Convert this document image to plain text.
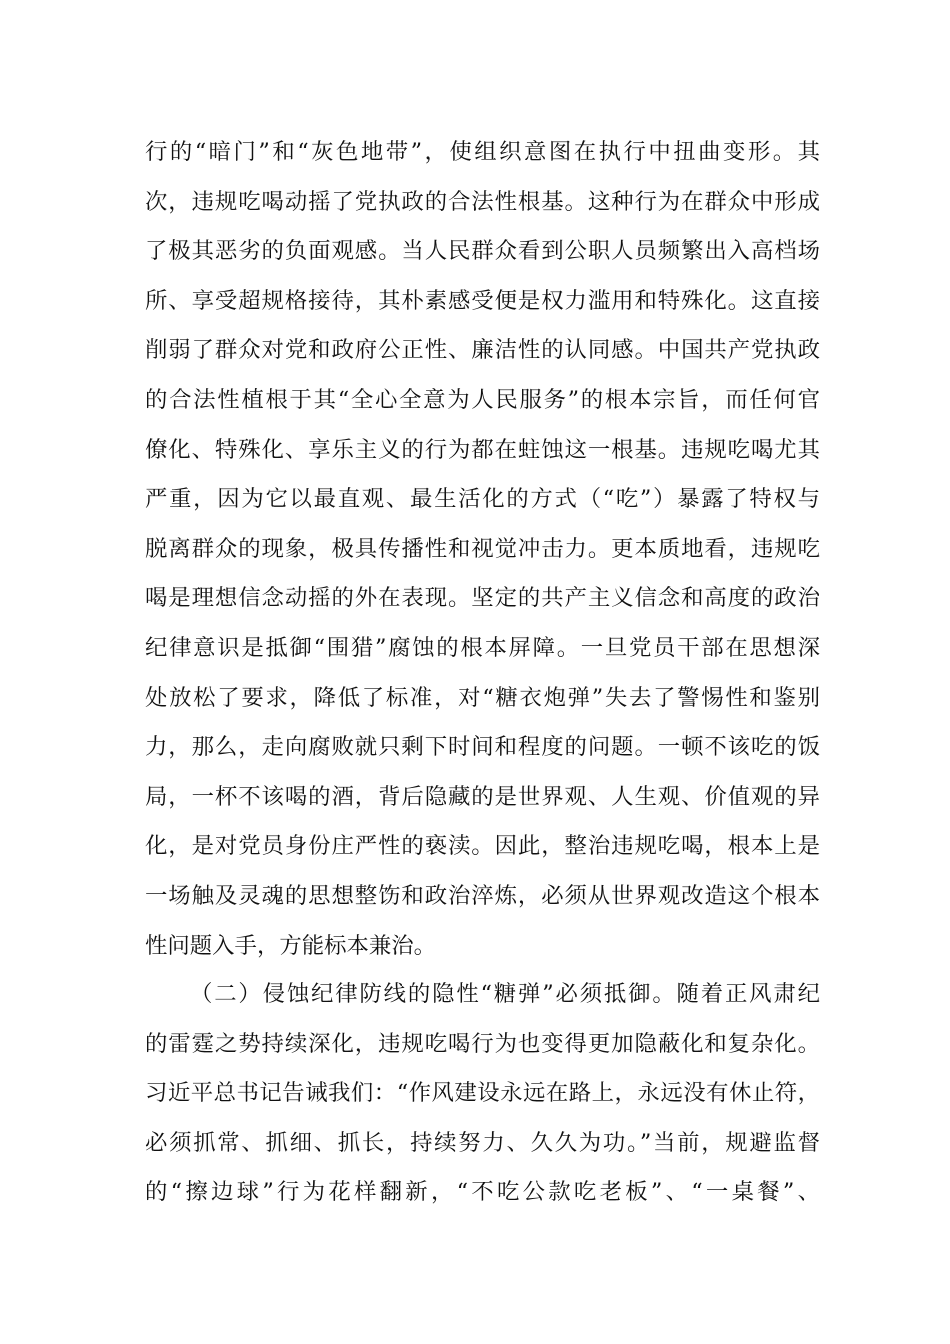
行的“暗门”和“灰色地带”，使组织意图在执行中扭曲变形。其
次，违规吃喝动摇了党执政的合法性根基。这种行为在群众中形成
了极其恶劣的负面观感。当人民群众看到公职人员频繁出入高档场
所、享受超规格接待，其朴素感受便是权力滥用和特殊化。这直接
削弱了群众对党和政府公正性、廉洁性的认同感。中国共产党执政
的合法性植根于其“全心全意为人民服务”的根本宗旨，而任何官
僚化、特殊化、享乐主义的行为都在蛀蚀这一根基。违规吃喝尤其
严重，因为它以最直观、最生活化的方式（“吃”）暴露了特权与
脱离群众的现象，极具传播性和视觉冲击力。更本质地看，违规吃
喝是理想信念动摇的外在表现。坚定的共产主义信念和高度的政治
纪律意识是抵御“围猎”腐蚀的根本屏障。一旦党员干部在思想深
处放松了要求，降低了标准，对“糖衣炮弹”失去了警惕性和鉴别
力，那么，走向腐败就只剩下时间和程度的问题。一顿不该吃的饭
局，一杯不该喝的酒，背后隐藏的是世界观、人生观、价值观的异
化，是对党员身份庄严性的亵渎。因此，整治违规吃喝，根本上是
一场触及灵魂的思想整饬和政治淬炼，必须从世界观改造这个根本
性问题入手，方能标本兼治。
（二）侵蚀纪律防线的隐性“糖弹”必须抵御。随着正风肃纪
的雷霆之势持续深化，违规吃喝行为也变得更加隐蔽化和复杂化。
习近平总书记告诫我们：“作风建设永远在路上，永远没有休止符，
必须抓常、抓细、抓长，持续努力、久久为功。”当前，规避监督
的“擦边球”行为花样翻新，“不吃公款吃老板”、“一桌餐”、
